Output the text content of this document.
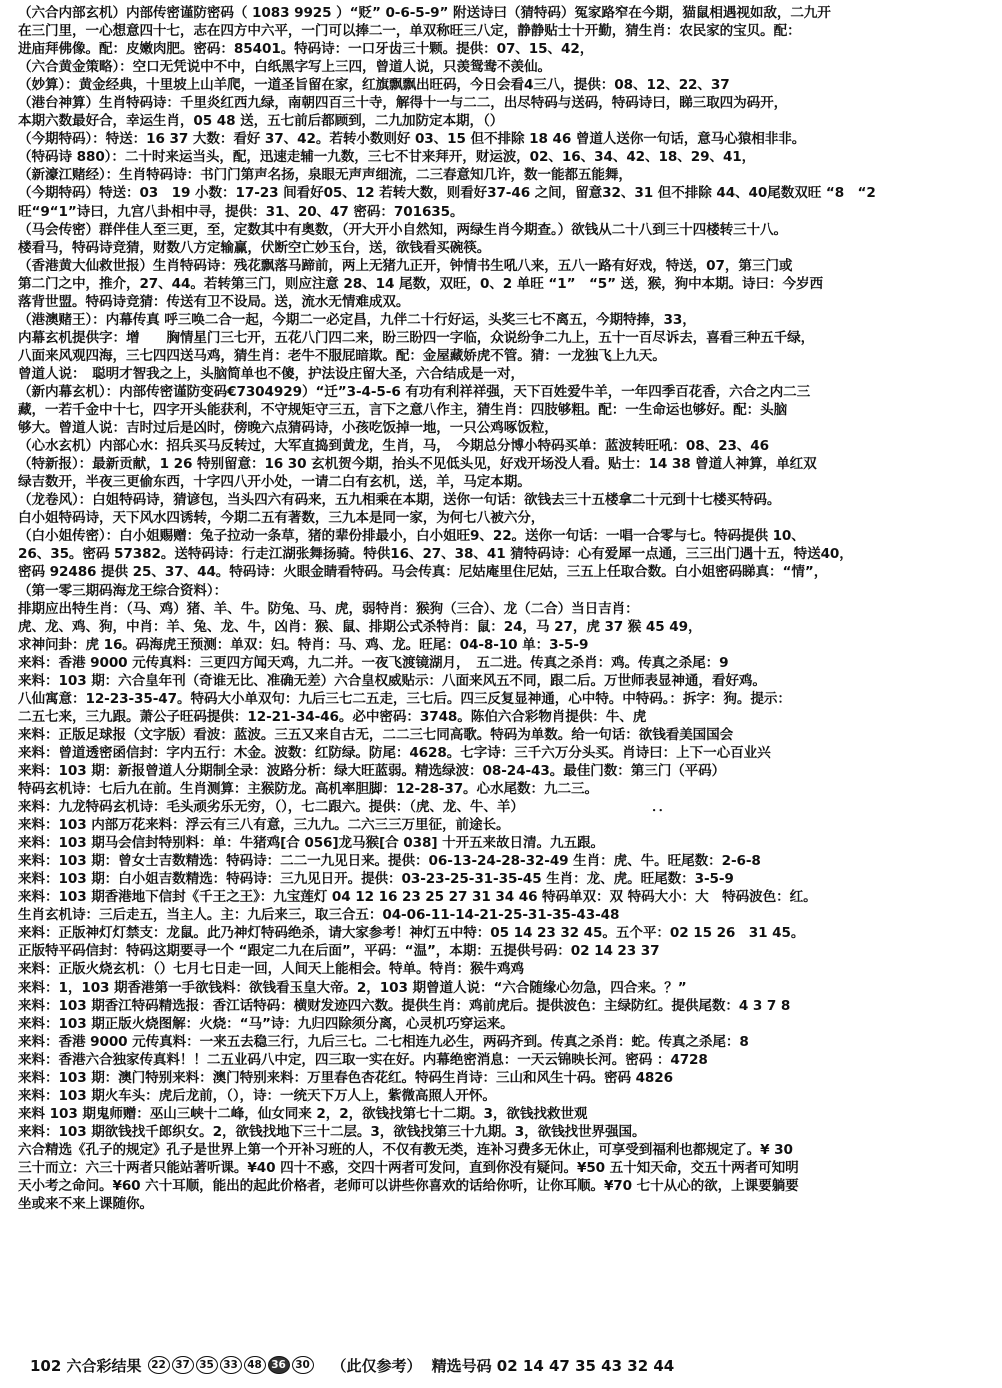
（六合内部玄机）内部传密谨防密码（ 1083 9925 ）“贬” 0-6-5-9” 附送诗曰（猜特码）冤家路窄在今期，猫鼠相遇视如敌，二九开
在三门里，一心想意四十七，志在四方中六平，一门可以捧二一，单双称旺三八定，静静贴士十开勤，猜生肖：农民家的宝贝。配：
进庙拜佛像。配：皮嫩肉肥。密码：85401。特码诗：一口牙齿三十颗。提供：07、15、42，
（六合黄金策略）：空口无凭说中不中，白纸黑字写上三四，曾道人说，只羡鸳鸯不羡仙。
（妙算）：黄金经典，十里坡上山羊爬，一道圣旨留在家，红旗飘飘出旺码，今日会看4三八，提供：08、12、22、37
（港台神算）生肖特码诗：千里炎红西九绿，南朝四百三十寺，解得十一与二二，出尽特码与送码，特码诗曰，睇三取四为码开，
本期六数最好合，幸运生肖，05 48 送，五七前后都顾到，二九加防定本期，（）
（今期特码）：特送：16 37 大数：看好 37、42。若转小数则好 03、15 但不排除 18 46 曾道人送你一句话，意马心猿相非非。
（特码诗 880）：二十时来运当头，配，迅速走辅一九数，三七不甘来拜开，财运波，02、16、34、42、18、29、41，
（新濠江赌经）：生肖特码诗：书门门第声名扬，泉眼无声声细流，二三春意知几许，数一能都五能舞，
（今期特码）特送：03　19 小数：17-23 间看好05、12 若转大数，则看好37-46 之间，留意32、31 但不排除 44、40尾数双旺 “8　“2
旺“9“1”诗曰，九宫八卦相中寻，提供：31、20、47 密码：701635。
（马会传密）群伴佳人至三更，至，定数其中有奥数，（开大开小自然知，两绿生肖今期查。）欲钱从二十八到三十四楼转三十八。
楼看马，特码诗竞猜，财数八方定输赢，伏断空亡妙玉台，送，欲钱看买碗筷。
（香港黄大仙救世报）生肖特码诗：残花飘落马蹄前，两上无猪九正开，钟情书生吼八来，五八一路有好戏，特送，07，第三门或
第二门之中，推介，27、44。若转第三门，则应注意 28、14 尾数，双旺，0、2 单旺 “1”　“5” 送，猴，狗中本期。诗曰：今岁西
落背世盟。特码诗竞猜：传送有卫不设局。送，流水无情难成双。
（港澳赌王）：内幕传真 呼三唤二合一起，今期二一必定昌，九伴二十行好运，头奖三七不离五，今期特捧，33，
内幕玄机提供字：增　　胸情星门三七开，五花八门四二来，盼三盼四一字临，众说纷争二九上，五十一百尽诉去，喜看三种五千绿，
八面来风观四海，三七四四送马鸡，猜生肖：老牛不服屁暗欺。配：金屋藏娇虎不管。猜：一龙独飞上九天。
曾道人说：　聪明才智我之上，头脑简单也不傻，护法设庄留大圣，六合结成是一对，
（新内幕玄机）：内部传密谨防变码€7304929）“迁”3-4-5-6 有功有利祥祥强，天下百姓爱牛羊，一年四季百花香，六合之内二三
藏，一若千金中十七，四字开头能获利，不守规矩守三五，言下之意八作主，猜生肖：四肢够粗。配：一生命运也够好。配：头脑
够大。曾道人说：吉时过后是凶时，傍晚六点猜码诗，小孩吃饭掉一地，一只公鸡啄饭粒，
（心水玄机）内部心水：招兵买马反转过，大军直捣到黄龙，生肖，马，　今期总分博小特码买单：蓝波转旺吼：08、23、46
（特新报）：最新贡献，1 26 特别留意：16 30 玄机贺今期，抬头不见低头见，好戏开场没人看。贴士：14 38 曾道人神算，单红双
绿吉数开，半夜三更偷东西，十字四八开小处，一请二白有玄机，送，羊，马定本期。
（龙卷风）：白姐特码诗，猜谚包，当头四六有码来，五九相乘在本期，送你一句话：欲钱去三十五楼拿二十元到十七楼买特码。
白小姐特码诗，天下风水四诱转，今期二五有著数，三九本是同一家，为何七八被六分，
（白小姐传密）：白小姐赐赠：兔子拉动一条草，猪的辈份排最小，白小姐旺9、22。送你一句话：一唱一合零与七。特码提供 10、
26、35。密码 57382。送特码诗：行走江湖张舞扬骑。特供16、27、38、41 猜特码诗：心有爱犀一点通，三三出门遇十五，特送40，
密码 92486 提供 25、37、44。特码诗：火眼金睛看特码。马会传真：尼姑庵里住尼姑，三五上任取合数。白小姐密码睇真：“情”，
（第一零三期码海龙王综合资料）：
排期应出特生肖：（马、鸡）猪、羊、牛。防兔、马、虎，弱特肖：猴狗（三合）、龙（二合）当日吉肖：
虎、龙、鸡、狗，中肖：羊、兔、龙、牛，凶肖：猴、鼠、排期公式杀特肖：鼠：24，马 27，虎 37 猴 45 49，
求神问卦：虎 16。码海虎王预测：单双：妇。特肖：马、鸡、龙。旺尾：04-8-10 单：3-5-9
来料：香港 9000 元传真料：三更四方闻天鸡，九二并。一夜飞渡镜湖月，　五二进。传真之杀肖：鸡。传真之杀尾：9
来料：103 期：六合皇年刊（奇谁无比、准确无差）六合皇权威贴示：八面来风五不同，跟二后。万世师表显神通，看好鸡。
八仙寓意：12-23-35-47。特码大小单双句：九后三七二五走，三七后。四三反复显神通，心中特。中特码。：拆字：狗。提示：
二五七来，三九跟。萧公子旺码提供：12-21-34-46。必中密码：3748。陈伯六合彩物肖提供：牛、虎
来料：正版足球报（文字版）看波：蓝波。三五又来自古无，二二三七同高歌。特码为单数。给一句话：欲钱看美国国会
来料：曾道透密函信封：字内五行：木金。波数：红防绿。防尾：4628。七字诗：三千六万分头买。肖诗曰：上下一心百业兴
来料：103 期：新报曾道人分期制全录：波路分析：绿大旺蓝弱。精选绿波：08-24-43。最佳门数：第三门（平码）
特码玄机诗：七后九在前。生肖测算：主猴防龙。高机率胆脚：12-28-37。心水尾数：九二三。
来料：九龙特码玄机诗：毛头顽劣乐无穷，（），七二跟六。提供：（虎、龙、牛、羊）　　　　　　　　　　．．
来料：103 内部万花来料：浮云有三八有意，三九九。二六三三万里征，前途长。
来料：103 期马会信封特别料：单：牛猪鸡[合 056]龙马猴[合 038] 十开五来故日清。九五跟。
来料：103 期：曾女士吉数精选：特码诗：二二一九见日来。提供：06-13-24-28-32-49 生肖：虎、牛。旺尾数：2-6-8
来料：103 期：白小姐吉数精选：特码诗：三九见日开。提供：03-23-25-31-35-45 生肖：龙、虎。旺尾数：3-5-9
来料：103 期香港地下信封《千王之王》：九宝莲灯 04 12 16 23 25 27 31 34 46 特码单双：双 特码大小：大　特码波色：红。
生肖玄机诗：三后走五，当主人。主：九后来三，取三合五：04-06-11-14-21-25-31-35-43-48
来料：正版神灯灯禁支：龙鼠。此乃神灯特码绝杀，请大家参考！神灯五中特：05 14 23 32 45。五个平：02 15 26　31 45。
正版特平码信封：特码这期要寻一个 “跟定二九在后面”，平码：“温”，本期：五提供号码：02 14 23 37
来料：正版火烧玄机：（）七月七日走一回，人间天上能相会。特单。特肖：猴牛鸡鸡
来料：1，103 期香港第一手欲钱料：欲钱看玉皇大帝。2，103 期曾道人说：“六合随缘心勿急，四合来。？”
来料：103 期香江特码精选报：香江话特码：横财发迹四六数。提供生肖：鸡前虎后。提供波色：主绿防红。提供尾数：4 3 7 8
来料：103 期正版火烧图解：火烧：“马”诗：九归四除须分离，心灵机巧穿运来。
来料：香港 9000 元传真料：一来五去稳三行，九后三七。二七相连九必生，两码齐到。传真之杀肖：蛇。传真之杀尾：8
来料：香港六合独家传真料！！二五业码八中定，四三取一实在好。内幕绝密消息：一天云锦映长河。密码 ：4728
来料：103 期：澳门特别来料：澳门特别来料：万里春色杏花红。特码生肖诗：三山和风生十码。密码 4826
来料：103 期火车头：虎后龙前，（），诗：一统天下万人上，紫微高照人开怀。
来料 103 期鬼师赠：巫山三峡十二峰，仙女同来 2，2，欲钱找第七十二期。3，欲钱找救世观
来料：103 期欲钱找千郎织女。2，欲钱找地下三十二层。3，欲钱找第三十九期。3，欲钱找世界强国。
六合精选《孔子的规定》孔子是世界上第一个开补习班的人，不仅有教无类，连补习费多无休止，可享受到福利也都规定了。¥ 30
三十而立：六三十两者只能站著听课。¥40 四十不惑，交四十两者可发问，直到你没有疑问。¥50 五十知天命，交五十两者可知明
天小考之命问。¥60 六十耳顺，能出的起此价格者，老师可以讲些你喜欢的话给你听，让你耳顺。¥70 七十从心的欲，上课要躺要
坐或来不来上课随你。
102 六合彩结果 22 37 35 33 48 36 30 （此仅参考） 精选号码 02 14 47 35 43 32 44
